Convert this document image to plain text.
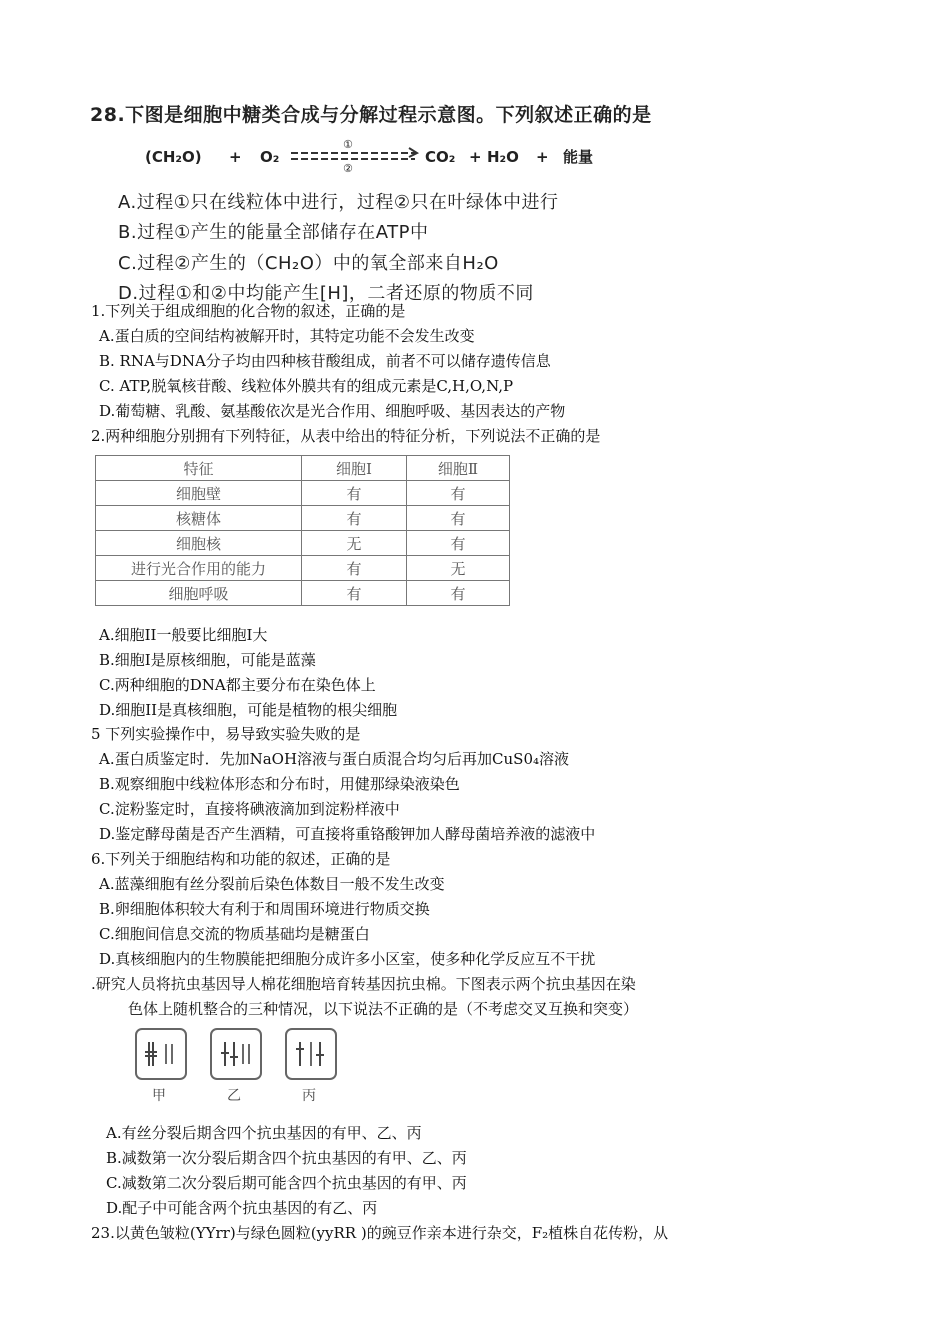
28.下图是细胞中糖类合成与分解过程示意图。下列叙述正确的是
(CH₂O) + O₂
①
②
CO₂ + H₂O + 能量
A.过程①只在线粒体中进行，过程②只在叶绿体中进行
B.过程①产生的能量全部储存在ATP中
C.过程②产生的（CH₂O）中的氧全部来自H₂O
D.过程①和②中均能产生[H]，二者还原的物质不同
1.下列关于组成细胞的化合物的叙述，正确的是
A.蛋白质的空间结构被解开时，其特定功能不会发生改变
B. RNA与DNA分子均由四种核苷酸组成，前者不可以储存遗传信息
C. ATP,脱氧核苷酸、线粒体外膜共有的组成元素是C,H,O,N,P
D.葡萄糖、乳酸、氨基酸依次是光合作用、细胞呼吸、基因表达的产物
2.两种细胞分别拥有下列特征，从表中给出的特征分析，下列说法不正确的是
特征	细胞Ⅰ	细胞Ⅱ
细胞壁	有	有
核糖体	有	有
细胞核	无	有
进行光合作用的能力	有	无
细胞呼吸	有	有
A.细胞II一般要比细胞I大
B.细胞I是原核细胞，可能是蓝藻
C.两种细胞的DNA都主要分布在染色体上
D.细胞II是真核细胞，可能是植物的根尖细胞
5 下列实验操作中，易导致实验失败的是
A.蛋白质鉴定时．先加NaOH溶液与蛋白质混合均匀后再加CuS0₄溶液
B.观察细胞中线粒体形态和分布时，用健那绿染液染色
C.淀粉鉴定时，直接将碘液滴加到淀粉样液中
D.鉴定酵母菌是否产生酒精，可直接将重铬酸钾加人酵母菌培养液的滤液中
6.下列关于细胞结构和功能的叙述，正确的是
A.蓝藻细胞有丝分裂前后染色体数目一般不发生改变
B.卵细胞体积较大有利于和周围环境进行物质交换
C.细胞间信息交流的物质基础均是糖蛋白
D.真核细胞内的生物膜能把细胞分成许多小区室，使多种化学反应互不干扰
.研究人员将抗虫基因导人棉花细胞培育转基因抗虫棉。下图表示两个抗虫基因在染
色体上随机整合的三种情况，以下说法不正确的是（不考虑交叉互换和突变）
甲	乙	丙
A.有丝分裂后期含四个抗虫基因的有甲、乙、丙
B.减数第一次分裂后期含四个抗虫基因的有甲、乙、丙
C.减数第二次分裂后期可能含四个抗虫基因的有甲、丙
D.配子中可能含两个抗虫基因的有乙、丙
23.以黄色皱粒(YYrr)与绿色圆粒(yyRR )的豌豆作亲本进行杂交，F₂植株自花传粉，从
